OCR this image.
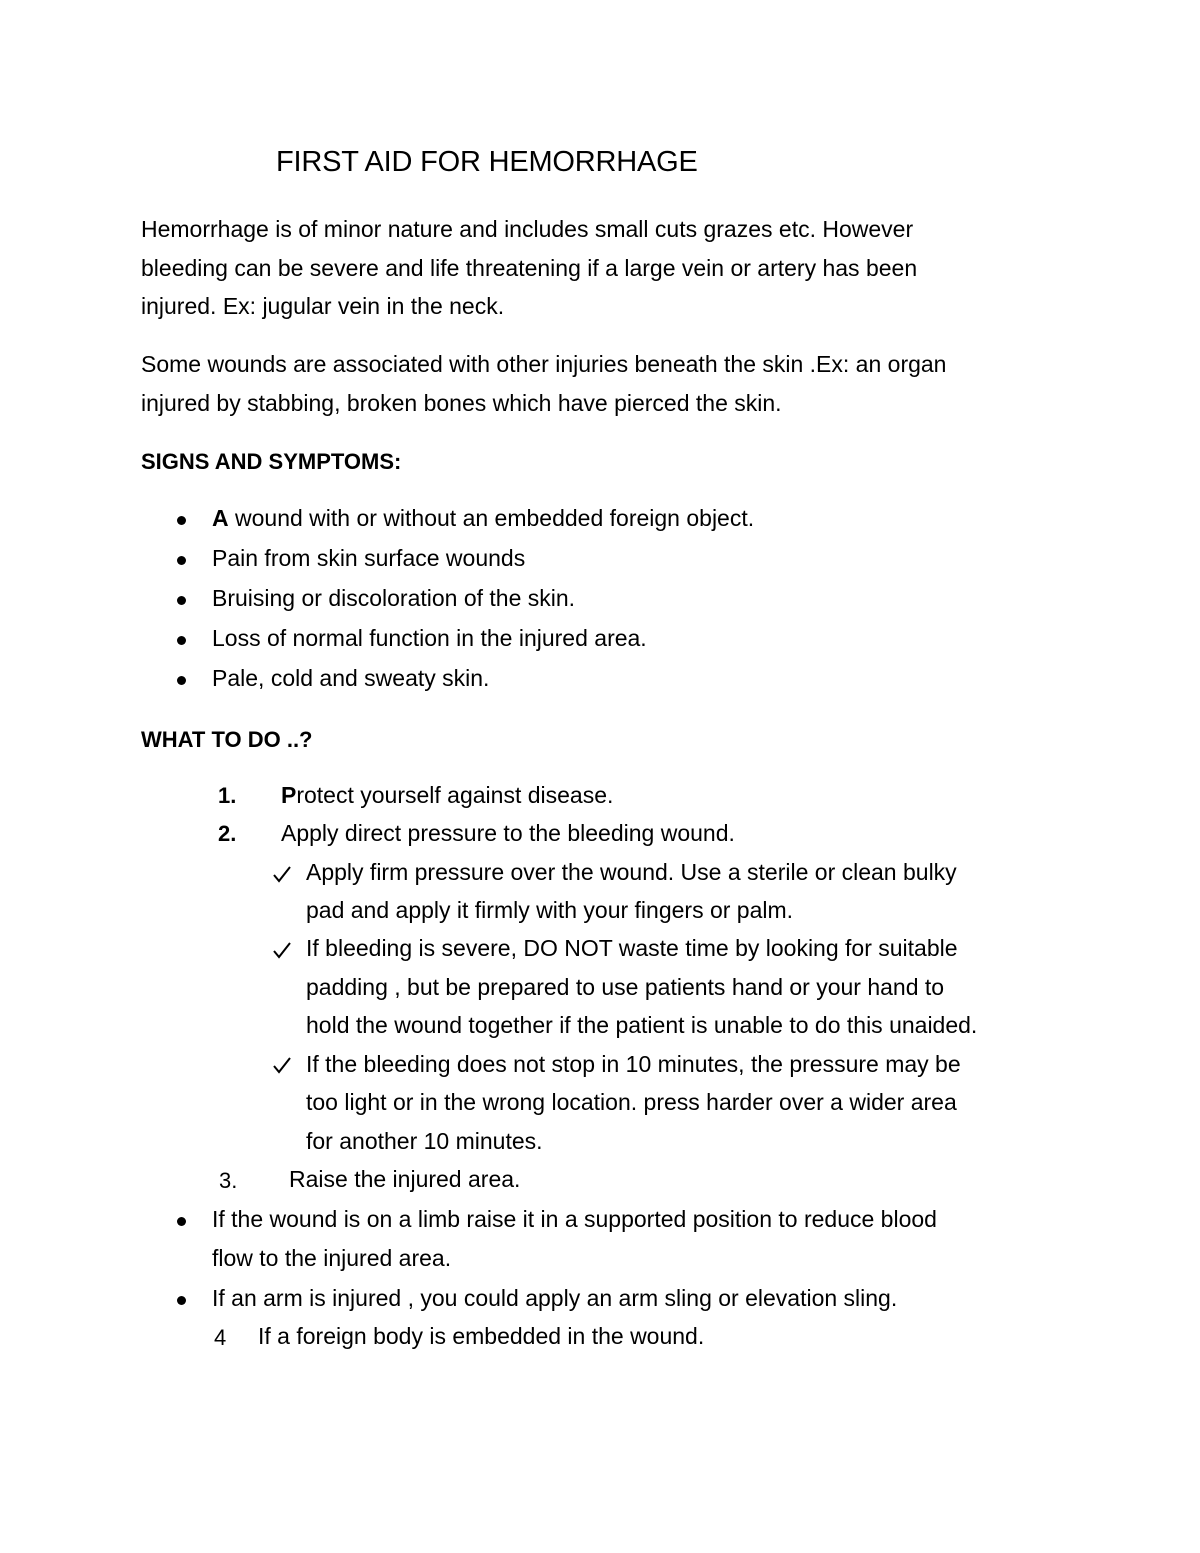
FIRST AID FOR HEMORRHAGE
Hemorrhage is of minor nature and includes small cuts grazes etc. However
bleeding can be severe and life threatening if a large vein or artery has been
injured. Ex: jugular vein in the neck.
Some wounds are associated with other injuries beneath the skin .Ex: an organ
injured by stabbing, broken bones which have pierced the skin.
SIGNS AND SYMPTOMS:
A wound with or without an embedded foreign object.
Pain from skin surface wounds
Bruising or discoloration of the skin.
Loss of normal function in the injured area.
Pale, cold and sweaty skin.
WHAT TO DO ..?
1. Protect yourself against disease.
2. Apply direct pressure to the bleeding wound.
Apply firm pressure over the wound. Use a sterile or clean bulky
pad and apply it firmly with your fingers or palm.
If bleeding is severe, DO NOT waste time by looking for suitable
padding , but be prepared to use patients hand or your hand to
hold the wound together if the patient is unable to do this unaided.
If the bleeding does not stop in 10 minutes, the pressure may be
too light or in the wrong location. press harder over a wider area
for another 10 minutes.
3. Raise the injured area.
If the wound is on a limb raise it in a supported position to reduce blood
flow to the injured area.
If an arm is injured , you could apply an arm sling or elevation sling.
4 If a foreign body is embedded in the wound.
